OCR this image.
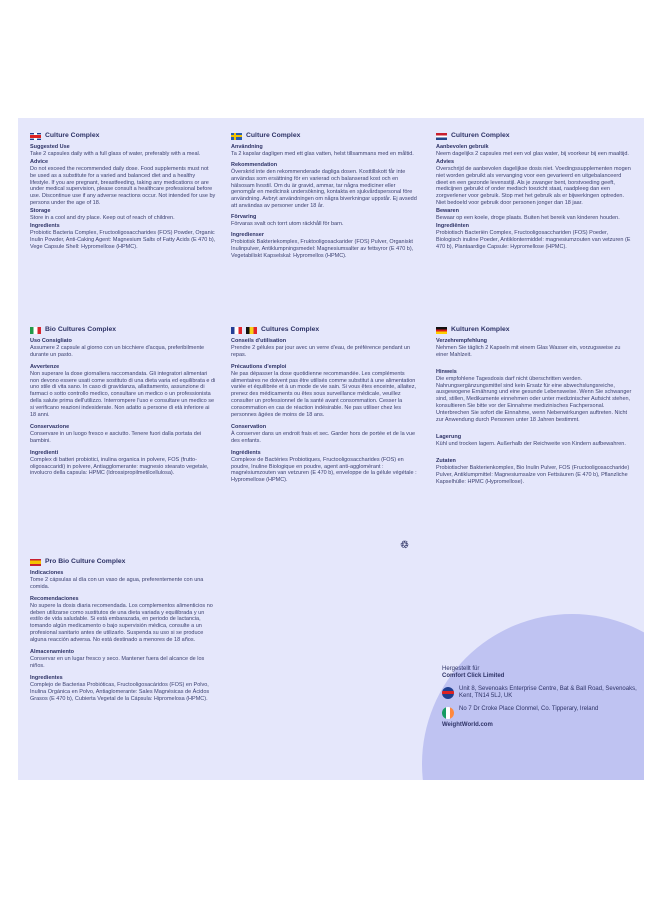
Culture Complex
Suggested Use

Take 2 capsules daily with a full glass of water, preferably with a meal.

Advice

Do not exceed the recommended daily dose. Food supplements must not be used as a substitute for a varied and balanced diet and a healthy lifestyle. If you are pregnant, breastfeeding, taking any medications or are under medical supervision, please consult a healthcare professional before use. Discontinue use if any adverse reactions occur. Not intended for use by persons under the age of 18.

Storage

Store in a cool and dry place. Keep out of reach of children.

Ingredients

Probiotic Bacteria Complex, Fructooligosaccharides (FOS) Powder, Organic Inulin Powder, Anti-Caking Agent: Magnesium Salts of Fatty Acids (E 470 b), Vege Capsule Shell: Hypromellose (HPMC).

Bio Cultures Complex
Uso Consigliato

Assumere 2 capsule al giorno con un bicchiere d'acqua, preferibilmente durante un pasto.

Avvertenze

Non superare la dose giornaliera raccomandata. Gli integratori alimentari non devono essere usati come sostituto di una dieta varia ed equilibrata e di uno stile di vita sano. In caso di gravidanza, allattamento, assunzione di farmaci o sotto controllo medico, consultare un medico o un professionista della salute prima dell'utilizzo. Interrompere l'uso e consultare un medico se si verificano reazioni indesiderate. Non adatto a persone di età inferiore ai 18 anni.

Conservazione

Conservare in un luogo fresco e asciutto. Tenere fuori dalla portata dei bambini.

Ingredienti

Complex di batteri probiotici, inulina organica in polvere, FOS (frutto-oligosaccaridi) in polvere, Antiagglomerante: magnesio stearato vegetale, involucro della capsula: HPMC (Idrossipropilmetilcellulosa).

Pro Bio Culture Complex
Indicaciones

Tome 2 cápsulas al día con un vaso de agua, preferentemente con una comida.

Recomendaciones

No supere la dosis diaria recomendada. Los complementos alimenticios no deben utilizarse como sustitutos de una dieta variada y equilibrada y un estilo de vida saludable. Si está embarazada, en periodo de lactancia, tomando algún medicamento o bajo supervisión médica, consulte a un profesional sanitario antes de utilizarlo. Suspenda su uso si se produce alguna reacción adversa. No está destinado a menores de 18 años.

Almacenamiento

Conservar en un lugar fresco y seco. Mantener fuera del alcance de los niños.

Ingredientes

Complejo de Bacterias Probióticas, Fructooligosacáridos (FOS) en Polvo, Inulina Orgánica en Polvo, Antiaglomerante: Sales Magnésicas de Ácidos Grasos (E 470 b), Cubierta Vegetal de la Cápsula: Hipromelosa (HPMC).

Culture Complex
Användning

Ta 2 kapslar dagligen med ett glas vatten, helst tillsammans med en måltid.

Rekommendation

Överskrid inte den rekommenderade dagliga dosen. Kosttillskott får inte användas som ersättning för en varierad och balanserad kost och en hälsosam livsstil. Om du är gravid, ammar, tar några mediciner eller genomgår en medicinsk undersökning, kontakta en sjukvårdspersonal före användning. Avbryt användningen om några biverkningar uppstår. Ej avsedd att användas av personer under 18 år.

Förvaring

Förvaras svalt och torrt utom räckhåll för barn.

Ingredienser

Probiotisk Bakteriekomplex, Fruktooligosackarider (FOS) Pulver, Organiskt Inulinpulver, Antiklumpningsmedel: Magnesiumsalter av fettsyror (E 470 b), Vegetabiliskt Kapselskal: Hypromellos (HPMC).

Cultures Complex
Conseils d'utilisation

Prendre 2 gélules par jour avec un verre d'eau, de préférence pendant un repas.

Précautions d'emploi

Ne pas dépasser la dose quotidienne recommandée. Les compléments alimentaires ne doivent pas être utilisés comme substitut à une alimentation variée et équilibrée et à un mode de vie sain. Si vous êtes enceinte, allaitez, prenez des médicaments ou êtes sous surveillance médicale, veuillez consulter un professionnel de la santé avant consommation. Cesser la consommation en cas de réaction indésirable. Ne pas utiliser chez les personnes âgées de moins de 18 ans.

Conservation

À conserver dans un endroit frais et sec. Garder hors de portée et de la vue des enfants.

Ingrédients

Complexe de Bactéries Probiotiques, Fructooligosaccharides (FOS) en poudre, Inuline Biologique en poudre, agent anti-agglomérant : magnésiumzouten van vetzuren (E 470 b), enveloppe de la gélule végétale : Hypromellose (HPMC).

♲
Culturen Complex
Aanbevolen gebruik

Neem dagelijks 2 capsules met een vol glas water, bij voorkeur bij een maaltijd.

Advies

Overschrijd de aanbevolen dagelijkse dosis niet. Voedingssupplementen mogen niet worden gebruikt als vervanging voor een gevarieerd en uitgebalanceerd dieet en een gezonde levensstijl. Als je zwanger bent, borstvoeding geeft, medicijnen gebruikt of onder medisch toezicht staat, raadpleeg dan een zorgverlener voor gebruik. Stop met het gebruik als er bijwerkingen optreden. Niet bedoeld voor gebruik door personen jonger dan 18 jaar.

Bewaren

Bewaar op een koele, droge plaats. Buiten het bereik van kinderen houden.

Ingrediënten

Probiotisch Bacteriën Complex, Fructooligosacchariden (FOS) Poeder, Biologisch inuline Poeder, Antiklontermiddel: magnesiumzouten van vetzuren (E 470 b), Plantaardige Capsule: Hypromellose (HPMC).

Kulturen Komplex
Verzehrempfehlung

Nehmen Sie täglich 2 Kapseln mit einem Glas Wasser ein, vorzugsweise zu einer Mahlzeit.

Hinweis

Die empfohlene Tagesdosis darf nicht überschritten werden. Nahrungsergänzungsmittel sind kein Ersatz für eine abwechslungsreiche, ausgewogene Ernährung und eine gesunde Lebensweise. Wenn Sie schwanger sind, stillen, Medikamente einnehmen oder unter medizinischer Aufsicht stehen, konsultieren Sie bitte vor der Einnahme medizinisches Fachpersonal. Unterbrechen Sie sofort die Einnahme, wenn Nebenwirkungen auftreten. Nicht zur Anwendung durch Personen unter 18 Jahren bestimmt.

Lagerung

Kühl und trocken lagern. Außerhalb der Reichweite von Kindern aufbewahren.

Zutaten

Probiotischer Bakterienkomplex, Bio Inulin Pulver, FOS (Fructooligosaccharide) Pulver, Antiklumpmittel: Magnesiumsalze von Fettsäuren (E 470 b), Pflanzliche Kapselhülle: HPMC (Hypromellose).

Hergestellt für
Comfort Click Limited
Unit 8, Sevenoaks Enterprise Centre, Bat & Ball Road, Sevenoaks, Kent, TN14 5LJ, UK
No 7 Dr Croke Place Clonmel, Co. Tipperary, Ireland
WeightWorld.com
